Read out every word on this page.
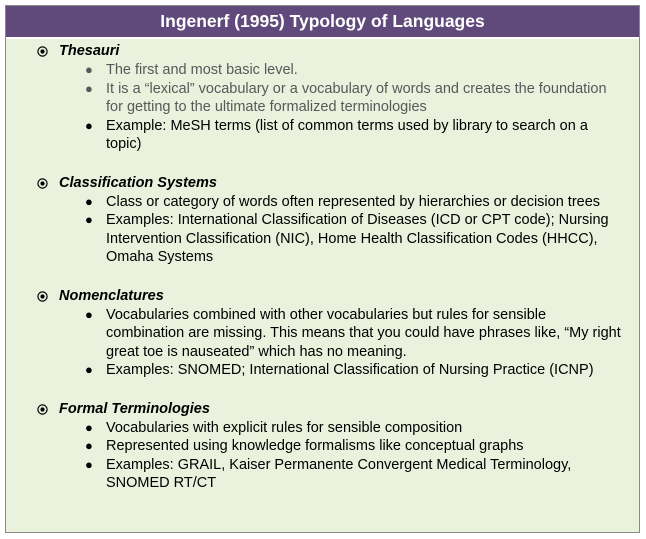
Ingenerf (1995) Typology of Languages
Thesauri
● The first and most basic level.
● It is a “lexical” vocabulary or a vocabulary of words and creates the foundation for getting to the ultimate formalized terminologies
● Example: MeSH terms (list of common terms used by library to search on a topic)
Classification Systems
● Class or category of words often represented by hierarchies or decision trees
● Examples: International Classification of Diseases (ICD or CPT code); Nursing Intervention Classification (NIC), Home Health Classification Codes (HHCC), Omaha Systems
Nomenclatures
● Vocabularies combined with other vocabularies but rules for sensible combination are missing. This means that you could have phrases like, “My right great toe is nauseated” which has no meaning.
● Examples: SNOMED; International Classification of Nursing Practice (ICNP)
Formal Terminologies
● Vocabularies with explicit rules for sensible composition
● Represented using knowledge formalisms like conceptual graphs
● Examples: GRAIL, Kaiser Permanente Convergent Medical Terminology, SNOMED RT/CT
